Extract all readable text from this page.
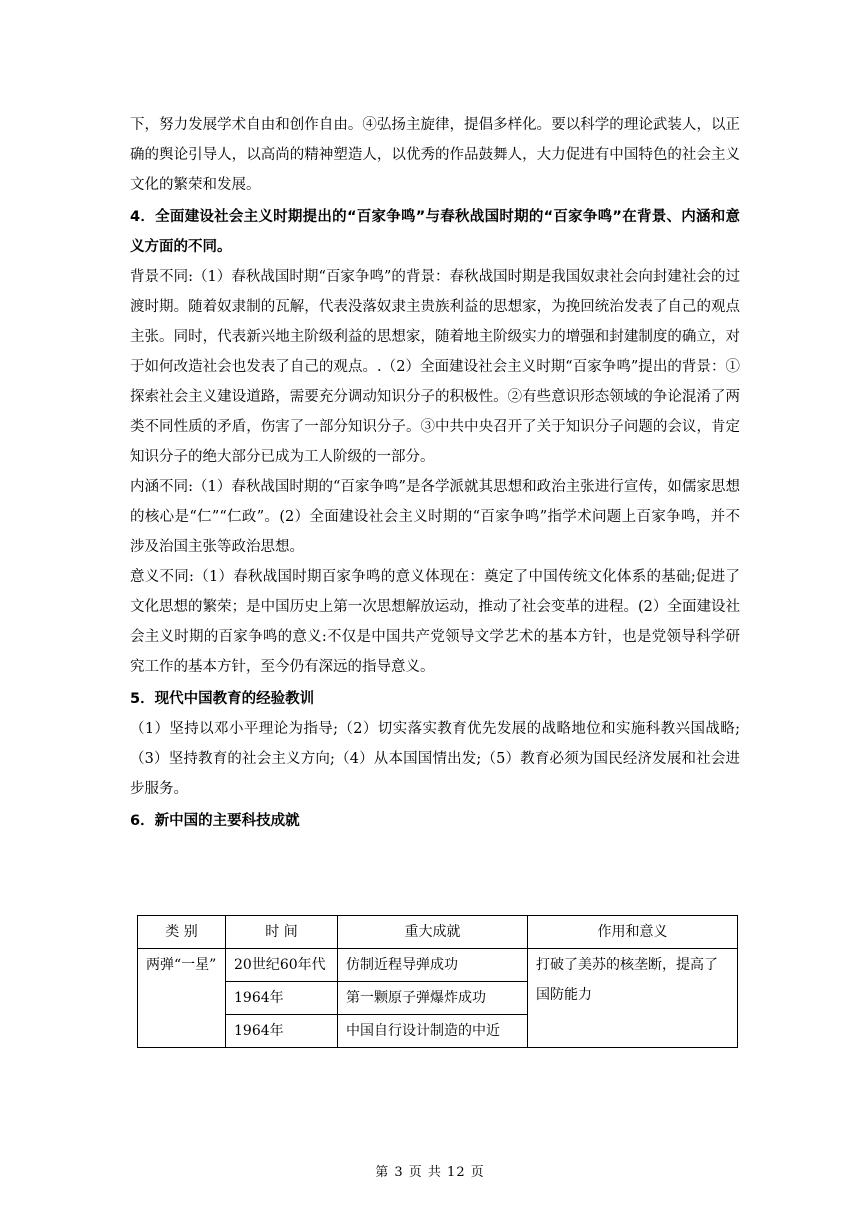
下，努力发展学术自由和创作自由。④弘扬主旋律，提倡多样化。要以科学的理论武装人，以正确的舆论引导人，以高尚的精神塑造人，以优秀的作品鼓舞人，大力促进有中国特色的社会主义文化的繁荣和发展。

4．全面建设社会主义时期提出的“百家争鸣”与春秋战国时期的“百家争鸣”在背景、内涵和意义方面的不同。

背景不同:（1）春秋战国时期“百家争鸣”的背景：春秋战国时期是我国奴隶社会向封建社会的过渡时期。随着奴隶制的瓦解，代表没落奴隶主贵族利益的思想家，为挽回统治发表了自己的观点主张。同时，代表新兴地主阶级利益的思想家，随着地主阶级实力的增强和封建制度的确立，对于如何改造社会也发表了自己的观点。.（2）全面建设社会主义时期“百家争鸣”提出的背景：①探索社会主义建设道路，需要充分调动知识分子的积极性。②有些意识形态领域的争论混淆了两类不同性质的矛盾，伤害了一部分知识分子。③中共中央召开了关于知识分子问题的会议，肯定知识分子的绝大部分已成为工人阶级的一部分。

内涵不同:（1）春秋战国时期的“百家争鸣”是各学派就其思想和政治主张进行宣传，如儒家思想的核心是“仁”“仁政”。(2）全面建设社会主义时期的“百家争鸣”指学术问题上百家争鸣，并不涉及治国主张等政治思想。

意义不同:（1）春秋战国时期百家争鸣的意义体现在：奠定了中国传统文化体系的基础;促进了文化思想的繁荣；是中国历史上第一次思想解放运动，推动了社会变革的进程。(2）全面建设社会主义时期的百家争鸣的意义:不仅是中国共产党领导文学艺术的基本方针，也是党领导科学研究工作的基本方针，至今仍有深远的指导意义。

5．现代中国教育的经验教训

（1）坚持以邓小平理论为指导;（2）切实落实教育优先发展的战略地位和实施科教兴国战略;（3）坚持教育的社会主义方向;（4）从本国国情出发;（5）教育必须为国民经济发展和社会进步服务。

6．新中国的主要科技成就

类 别	时 间	重大成就	作用和意义
两弹“一星”	20世纪60年代	仿制近程导弹成功	打破了美苏的核垄断，提高了国防能力
	1964年	第一颗原子弹爆炸成功	
	1964年	中国自行设计制造的中近	
第 3 页 共 12 页
